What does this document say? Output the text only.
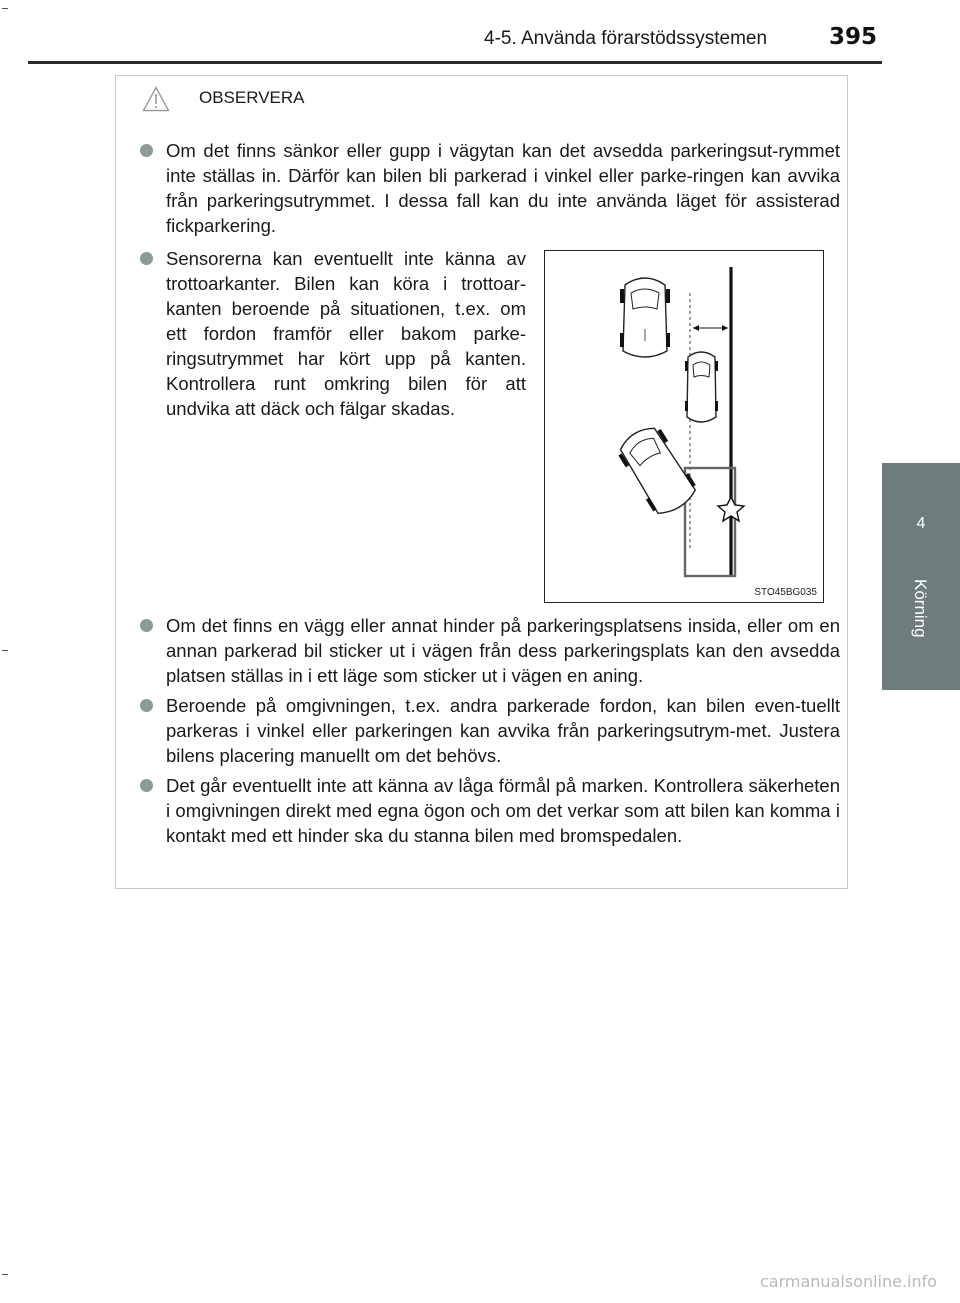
4-5. Använda förarstödssystemen	395
4
Körning
OBSERVERA
Om det finns sänkor eller gupp i vägytan kan det avsedda parkeringsut-rymmet inte ställas in. Därför kan bilen bli parkerad i vinkel eller parke-ringen kan avvika från parkeringsutrymmet. I dessa fall kan du inte använda läget för assisterad fickparkering.
Sensorerna kan eventuellt inte känna av trottoarkanter. Bilen kan köra i trottoar-kanten beroende på situationen, t.ex. om ett fordon framför eller bakom parke-ringsutrymmet har kört upp på kanten. Kontrollera runt omkring bilen för att undvika att däck och fälgar skadas.
STO45BG035
Om det finns en vägg eller annat hinder på parkeringsplatsens insida, eller om en annan parkerad bil sticker ut i vägen från dess parkeringsplats kan den avsedda platsen ställas in i ett läge som sticker ut i vägen en aning.
Beroende på omgivningen, t.ex. andra parkerade fordon, kan bilen even-tuellt parkeras i vinkel eller parkeringen kan avvika från parkeringsutrym-met. Justera bilens placering manuellt om det behövs.
Det går eventuellt inte att känna av låga förmål på marken. Kontrollera säkerheten i omgivningen direkt med egna ögon och om det verkar som att bilen kan komma i kontakt med ett hinder ska du stanna bilen med bromspedalen.
carmanualsonline.info
